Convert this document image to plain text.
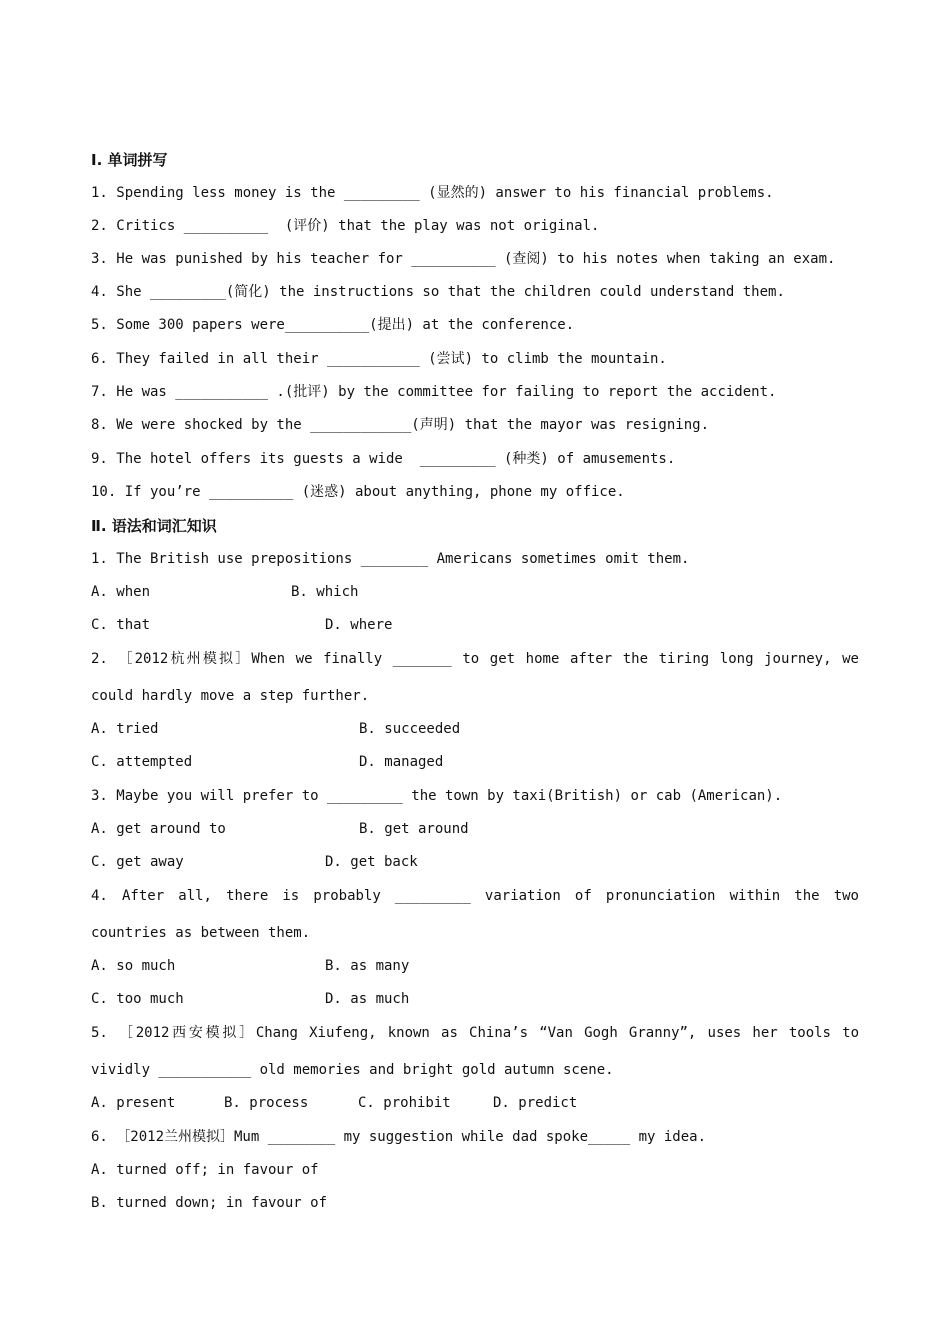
Ⅰ. 单词拼写
1. Spending less money is the _________ (显然的) answer to his financial problems.
2. Critics __________  (评价) that the play was not original.
3. He was punished by his teacher for __________ (查阅) to his notes when taking an exam.
4. She _________(简化) the instructions so that the children could understand them.
5. Some 300 papers were__________(提出) at the conference.
6. They failed in all their ___________ (尝试) to climb the mountain.
7. He was ___________ .(批评) by the committee for failing to report the accident.
8. We were shocked by the ____________(声明) that the mayor was resigning.
9. The hotel offers its guests a wide  _________ (种类) of amusements.
10. If you’re __________ (迷惑) about anything, phone my office.
Ⅱ. 语法和词汇知识
1. The British use prepositions ________ Americans sometimes omit them.
A. when	B. which
C. that	D. where
2. ［2012杭州模拟］When we finally _______ to get home after the tiring long journey, we
could hardly move a step further.
A. tried	B. succeeded
C. attempted	D. managed
3. Maybe you will prefer to _________ the town by taxi(British) or cab (American).
A. get around to	B. get around
C. get away	D. get back
4. After all, there is probably _________ variation of pronunciation within the two
countries as between them.
A. so much	B. as many
C. too much	D. as much
5. ［2012西安模拟］Chang Xiufeng, known as China’s “Van Gogh Granny”, uses her tools to
vividly ___________ old memories and bright gold autumn scene.
A. present	B. process	C. prohibit	D. predict
6. ［2012兰州模拟］Mum ________ my suggestion while dad spoke_____ my idea.
A. turned off; in favour of
B. turned down; in favour of
